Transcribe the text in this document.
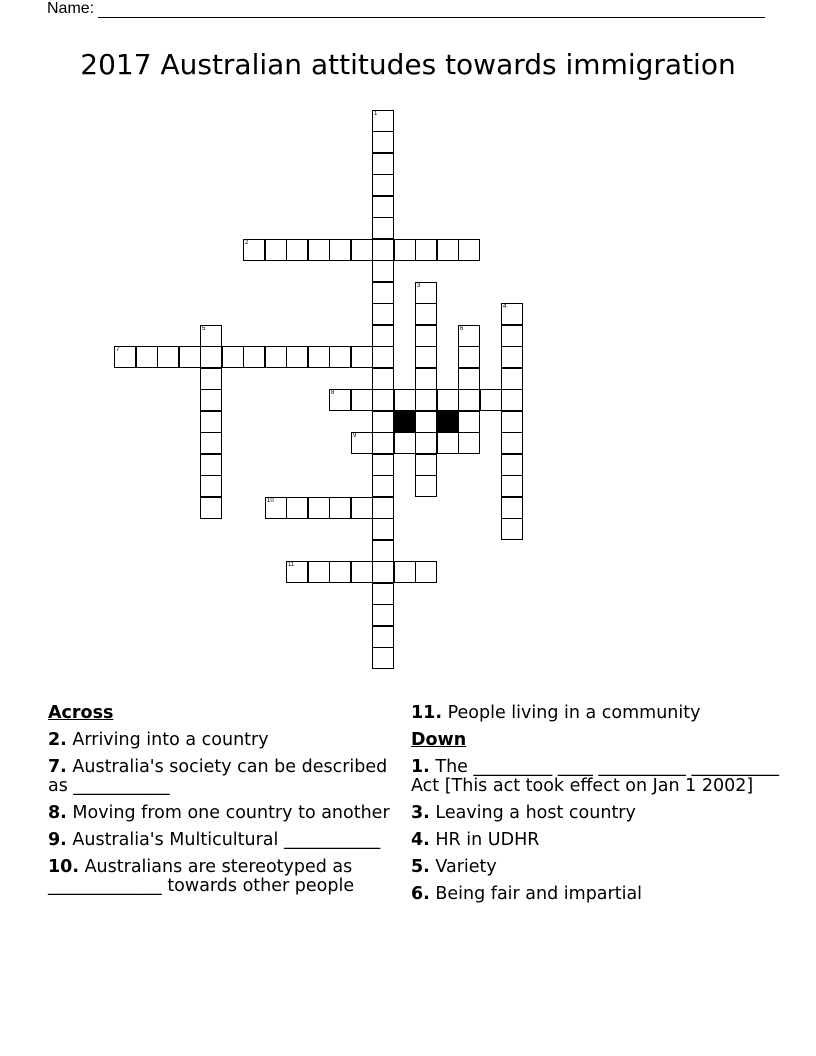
Name:
2017 Australian attitudes towards immigration
1
2
3
4
5	6
7
8
9
10
11
Across
2. Arriving into a country
7. Australia's society can be described as ___________
8. Moving from one country to another
9. Australia's Multicultural ___________
10. Australians are stereotyped as _____________ towards other people
11. People living in a community
Down
1. The _________ ____ __________ __________ Act [This act took effect on Jan 1 2002]
3. Leaving a host country
4. HR in UDHR
5. Variety
6. Being fair and impartial
